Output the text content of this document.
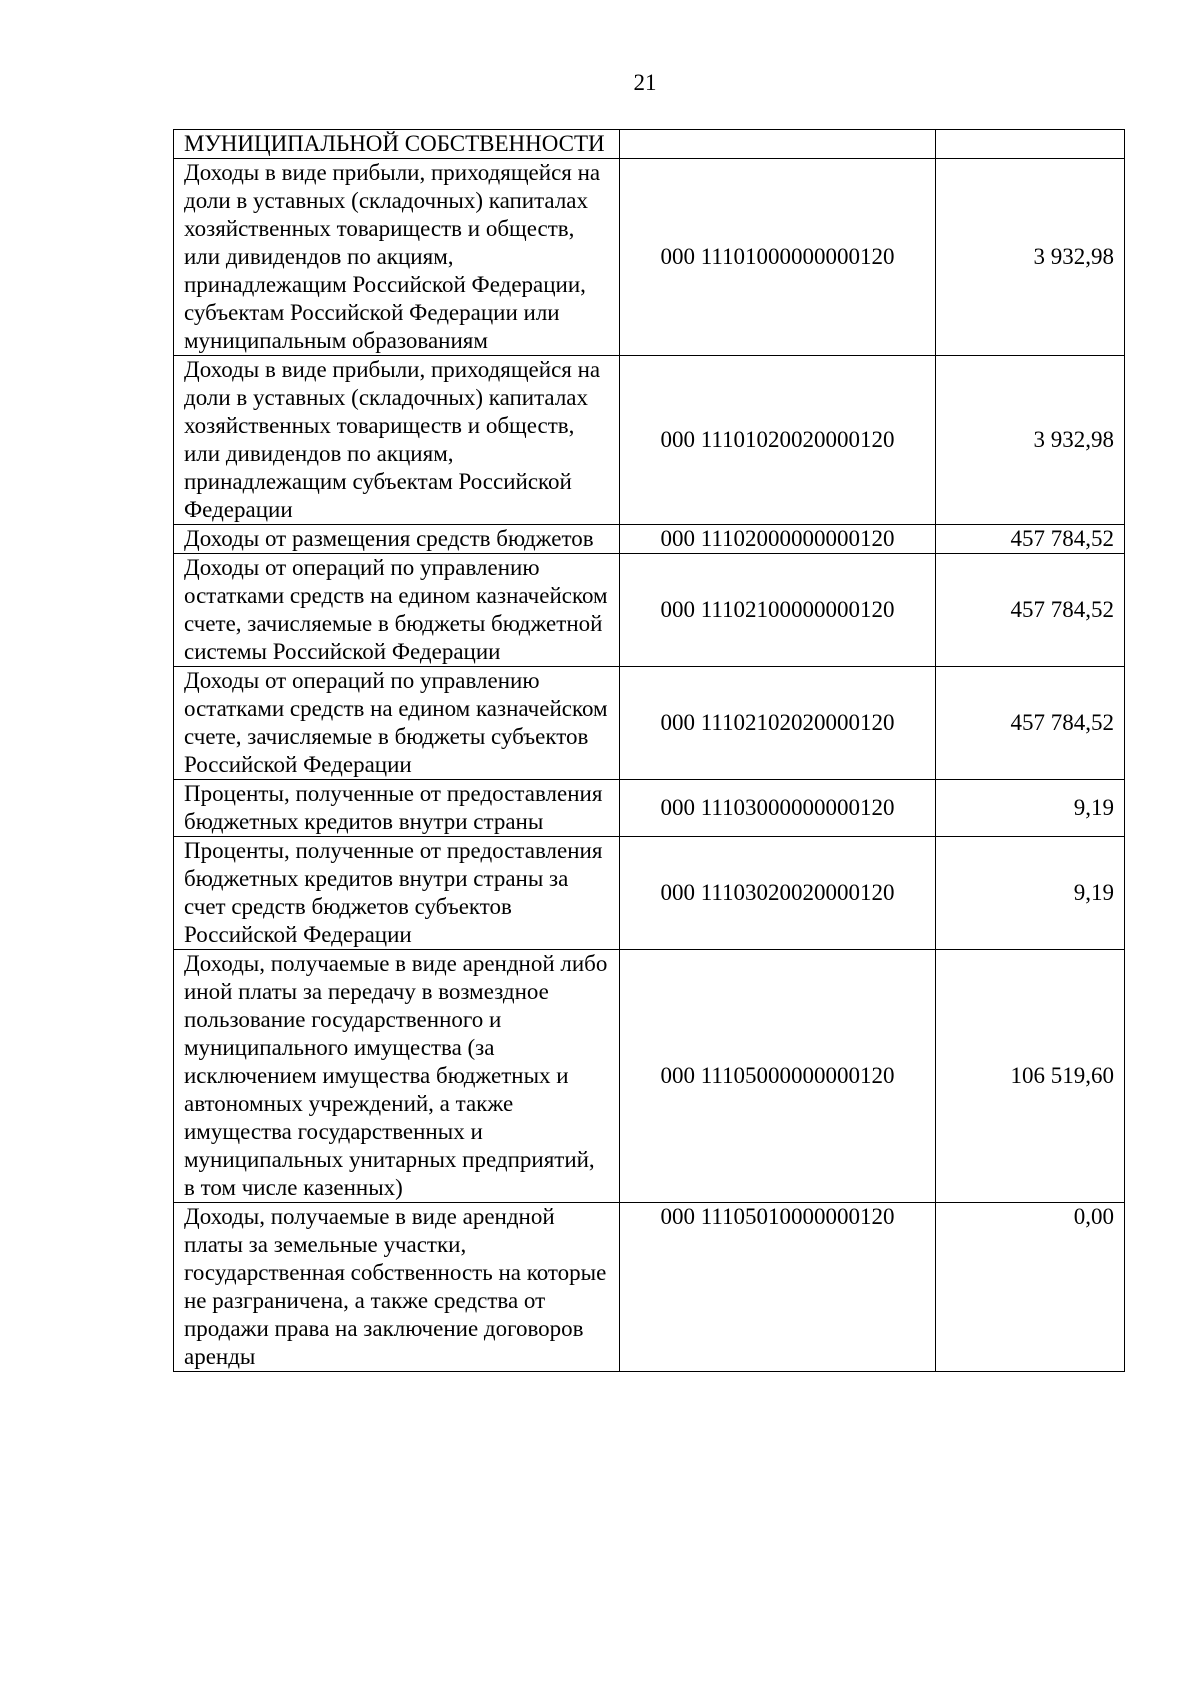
21
МУНИЦИПАЛЬНОЙ СОБСТВЕННОСТИ		
Доходы в виде прибыли, приходящейся на доли в уставных (складочных) капиталах хозяйственных товариществ и обществ, или дивидендов по акциям, принадлежащим Российской Федерации, субъектам Российской Федерации или муниципальным образованиям	000 11101000000000120	3 932,98
Доходы в виде прибыли, приходящейся на доли в уставных (складочных) капиталах хозяйственных товариществ и обществ, или дивидендов по акциям, принадлежащим субъектам Российской Федерации	000 11101020020000120	3 932,98
Доходы от размещения средств бюджетов	000 11102000000000120	457 784,52
Доходы от операций по управлению остатками средств на едином казначейском счете, зачисляемые в бюджеты бюджетной системы Российской Федерации	000 11102100000000120	457 784,52
Доходы от операций по управлению остатками средств на едином казначейском счете, зачисляемые в бюджеты субъектов Российской Федерации	000 11102102020000120	457 784,52
Проценты, полученные от предоставления бюджетных кредитов внутри страны	000 11103000000000120	9,19
Проценты, полученные от предоставления бюджетных кредитов внутри страны за счет средств бюджетов субъектов Российской Федерации	000 11103020020000120	9,19
Доходы, получаемые в виде арендной либо иной платы за передачу в возмездное пользование государственного и муниципального имущества (за исключением имущества бюджетных и автономных учреждений, а также имущества государственных и муниципальных унитарных предприятий, в том числе казенных)	000 11105000000000120	106 519,60
Доходы, получаемые в виде арендной платы за земельные участки, государственная собственность на которые не разграничена, а также средства от продажи права на заключение договоров аренды	000 11105010000000120	0,00
